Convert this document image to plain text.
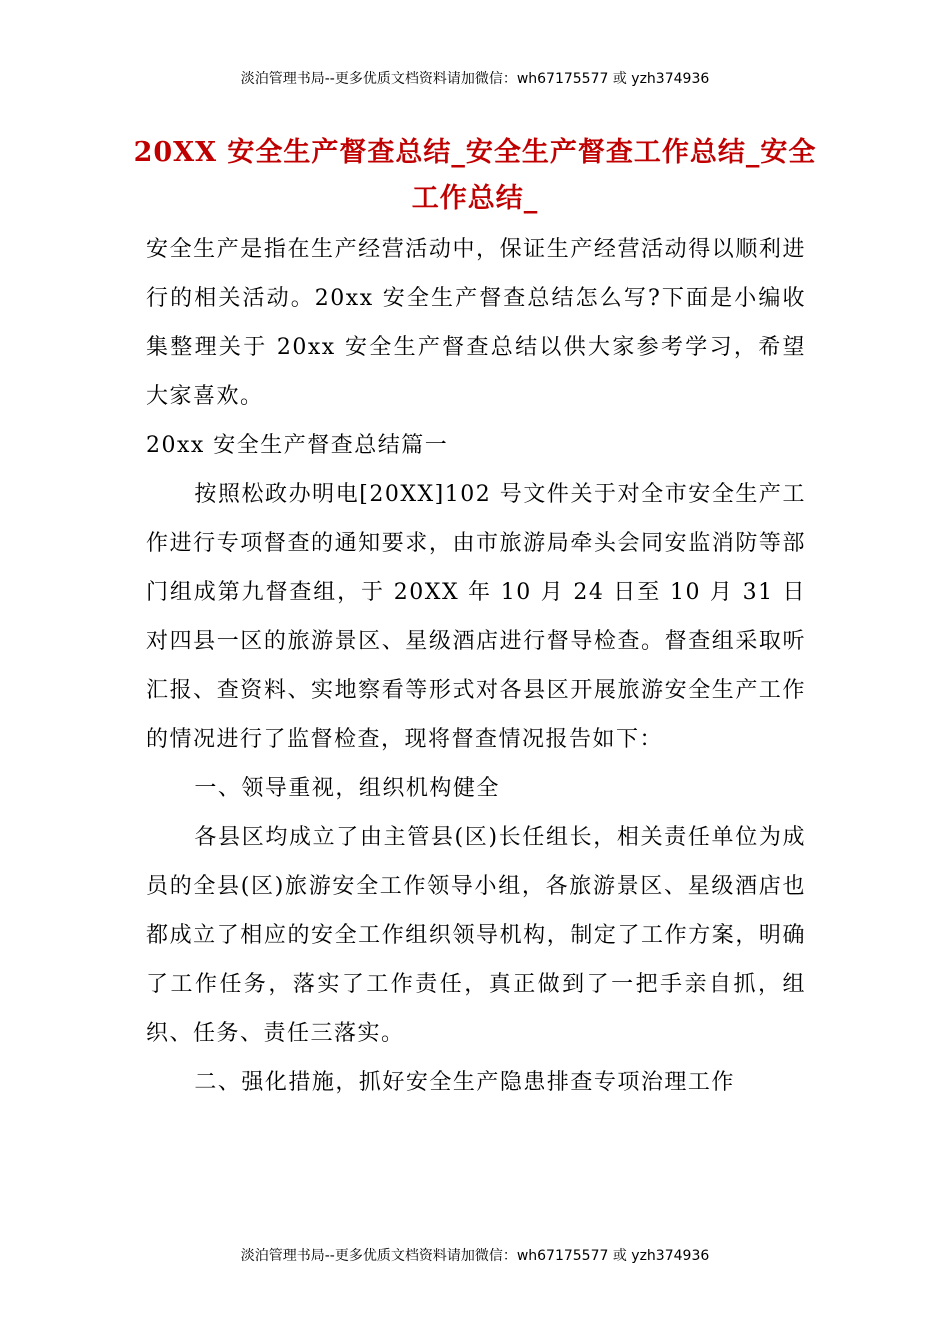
淡泊管理书局--更多优质文档资料请加微信：wh67175577 或 yzh374936
20XX 安全生产督查总结_安全生产督查工作总结_安全工作总结_

安全生产是指在生产经营活动中，保证生产经营活动得以顺利进行的相关活动。20xx 安全生产督查总结怎么写?下面是小编收集整理关于 20xx 安全生产督查总结以供大家参考学习，希望大家喜欢。

20xx 安全生产督查总结篇一

按照松政办明电[20XX]102 号文件关于对全市安全生产工作进行专项督查的通知要求，由市旅游局牵头会同安监消防等部门组成第九督查组，于 20XX 年 10 月 24 日至 10 月 31 日对四县一区的旅游景区、星级酒店进行督导检查。督查组采取听汇报、查资料、实地察看等形式对各县区开展旅游安全生产工作的情况进行了监督检查，现将督查情况报告如下：

一、领导重视，组织机构健全

各县区均成立了由主管县(区)长任组长，相关责任单位为成员的全县(区)旅游安全工作领导小组，各旅游景区、星级酒店也都成立了相应的安全工作组织领导机构，制定了工作方案，明确了工作任务，落实了工作责任，真正做到了一把手亲自抓，组织、任务、责任三落实。

二、强化措施，抓好安全生产隐患排查专项治理工作

淡泊管理书局--更多优质文档资料请加微信：wh67175577 或 yzh374936
